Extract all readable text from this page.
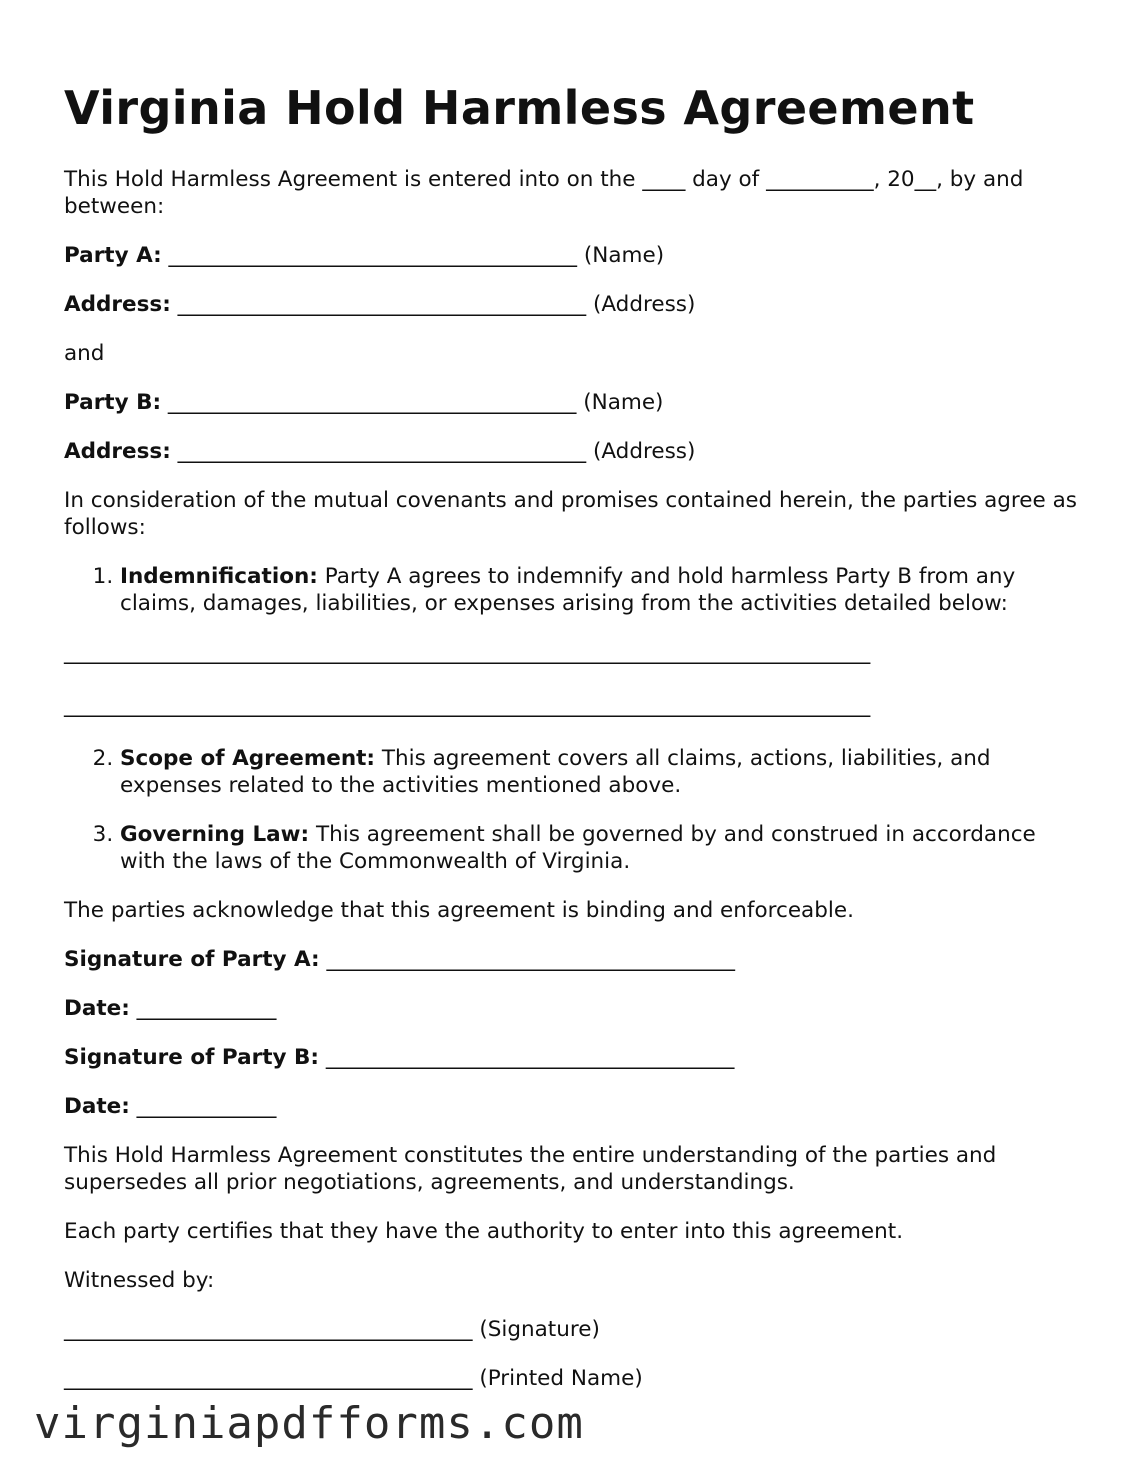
Virginia Hold Harmless Agreement

This Hold Harmless Agreement is entered into on the ____ day of __________, 20__, by and between:

Party A: ______________________________________ (Name)
Address: ______________________________________ (Address)

and

Party B: ______________________________________ (Name)
Address: ______________________________________ (Address)

In consideration of the mutual covenants and promises contained herein, the parties agree as follows:

1. Indemnification: Party A agrees to indemnify and hold harmless Party B from any claims, damages, liabilities, or expenses arising from the activities detailed below:
___________________________________________________________________________
___________________________________________________________________________
2. Scope of Agreement: This agreement covers all claims, actions, liabilities, and expenses related to the activities mentioned above.
3. Governing Law: This agreement shall be governed by and construed in accordance with the laws of the Commonwealth of Virginia.

The parties acknowledge that this agreement is binding and enforceable.

Signature of Party A: ______________________________________
Date: _____________
Signature of Party B: ______________________________________
Date: _____________

This Hold Harmless Agreement constitutes the entire understanding of the parties and supersedes all prior negotiations, agreements, and understandings.

Each party certifies that they have the authority to enter into this agreement.

Witnessed by:

______________________________________ (Signature)
______________________________________ (Printed Name)
virginiapdfforms.com
